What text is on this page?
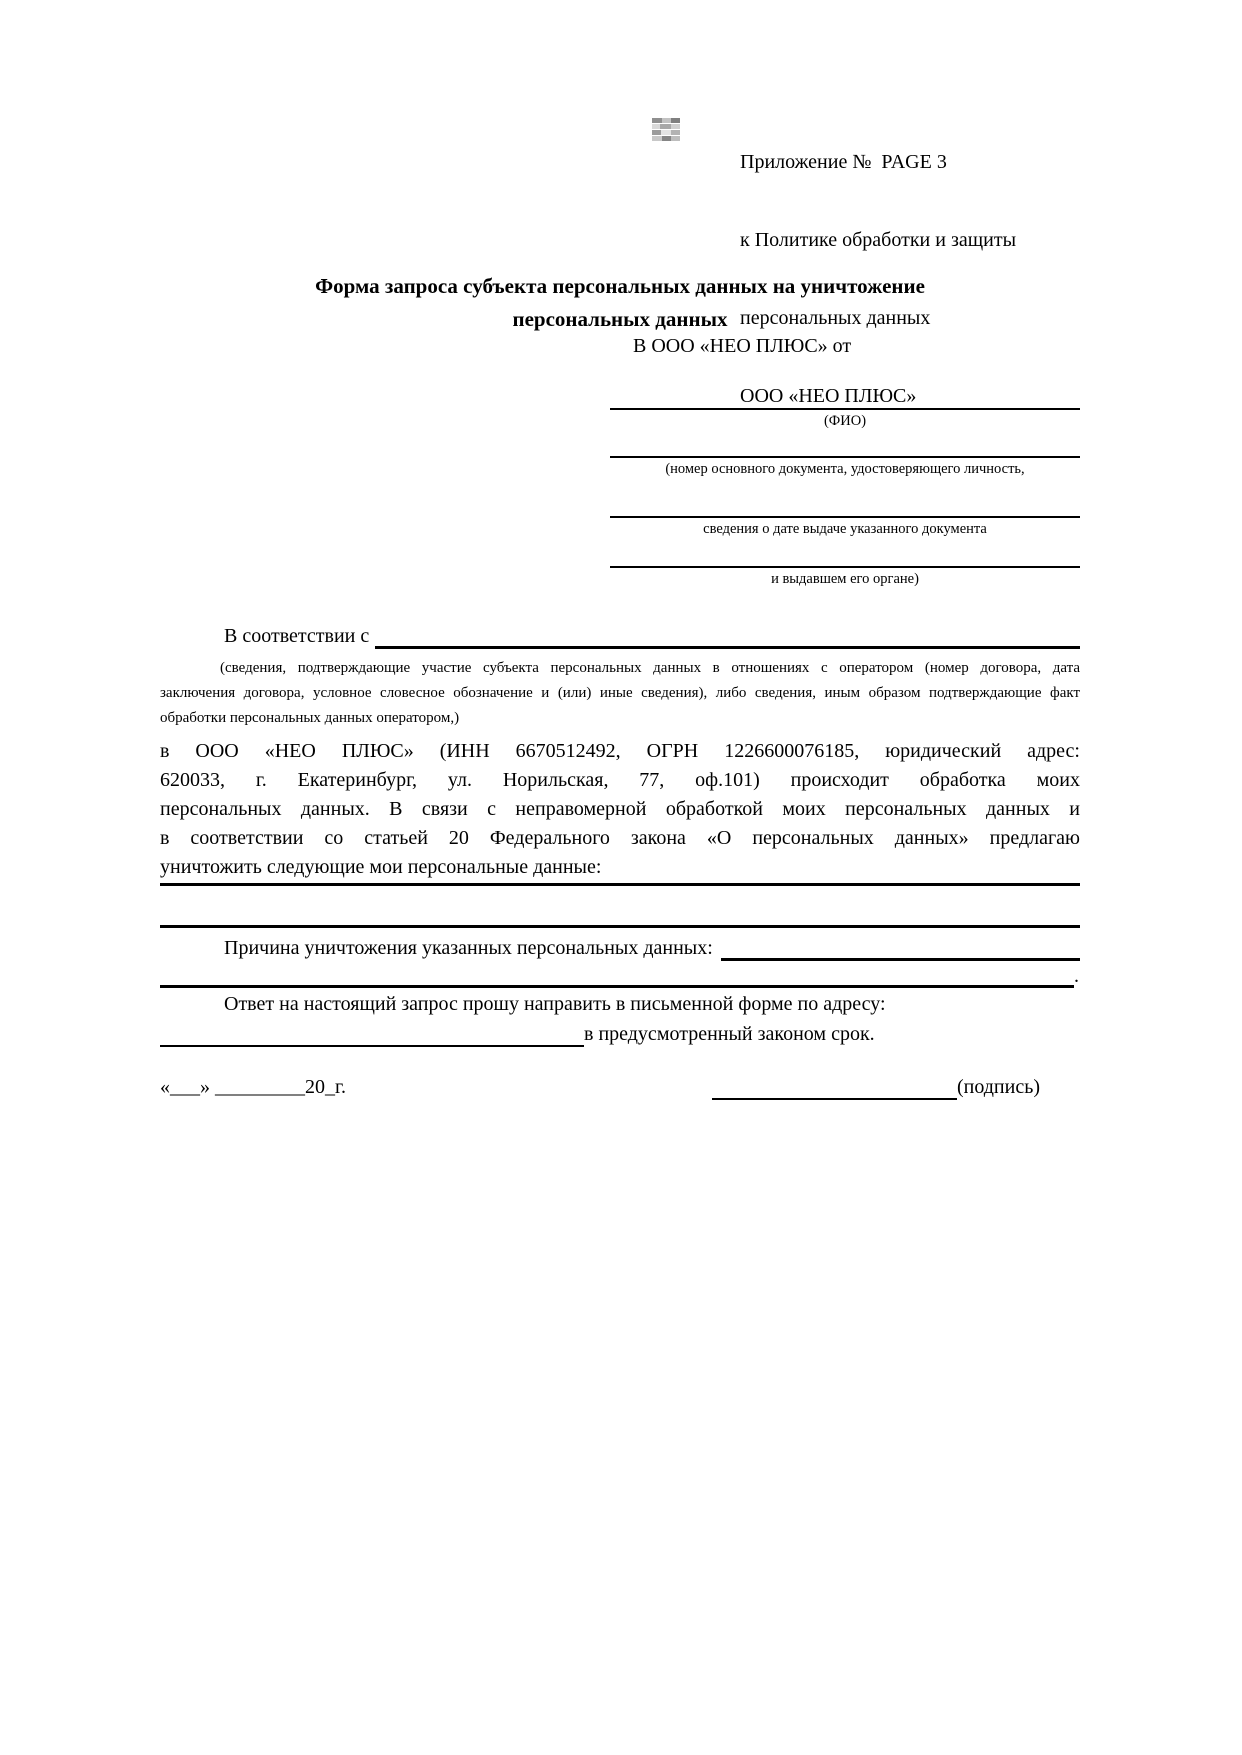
Приложение №  PAGE 3

к Политике обработки и защиты

персональных данных

ООО «НЕО ПЛЮС»

Форма запроса субъекта персональных данных на уничтожение
персональных данных
В ООО «НЕО ПЛЮС» от
(ФИО)
(номер основного документа, удостоверяющего личность,
сведения о дате выдаче указанного документа
и выдавшем его органе)
В соответствии с
(сведения, подтверждающие участие субъекта персональных данных в отношениях с оператором (номер договора, дата
заключения договора, условное словесное обозначение и (или) иные сведения), либо сведения, иным образом подтверждающие факт
обработки персональных данных оператором,)
в ООО «НЕО ПЛЮС» (ИНН 6670512492, ОГРН 1226600076185, юридический адрес:
620033, г. Екатеринбург, ул. Норильская, 77, оф.101) происходит обработка моих
персональных данных. В связи с неправомерной обработкой моих персональных данных и
в соответствии со статьей 20 Федерального закона «О персональных данных» предлагаю
уничтожить следующие мои персональные данные:
Причина уничтожения указанных персональных данных:
.
Ответ на настоящий запрос прошу направить в письменной форме по адресу:
в предусмотренный законом срок.
«___» _________20_г.	(подпись)
